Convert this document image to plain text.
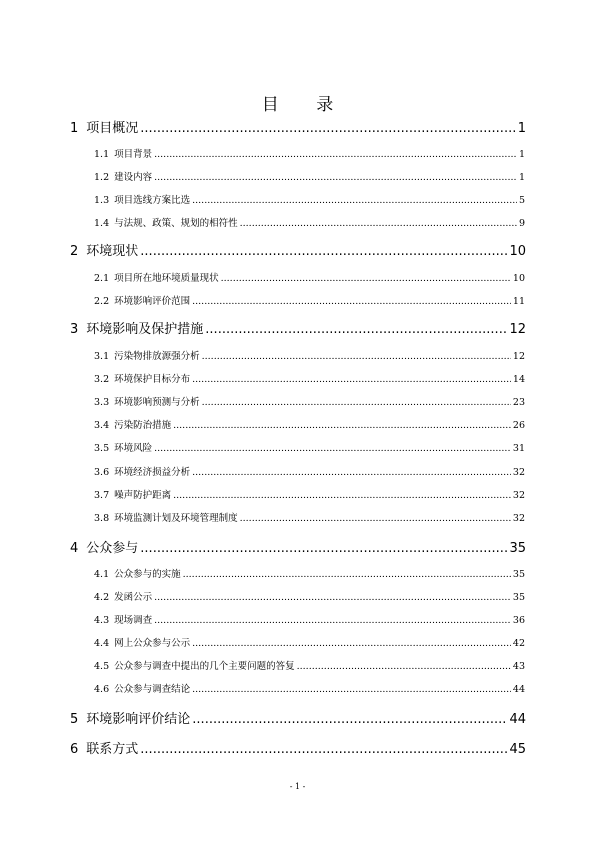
目 录
1 项目概况 .....	1
1.1 项目背景 .....	1
1.2 建设内容 .....	1
1.3 项目选线方案比选 .....	5
1.4 与法规、政策、规划的相符性 .....	9
2 环境现状 .....	10
2.1 项目所在地环境质量现状 .....	10
2.2 环境影响评价范围 .....	11
3 环境影响及保护措施 .....	12
3.1 污染物排放源强分析 .....	12
3.2 环境保护目标分布 .....	14
3.3 环境影响预测与分析 .....	23
3.4 污染防治措施 .....	26
3.5 环境风险 .....	31
3.6 环境经济损益分析 .....	32
3.7 噪声防护距离 .....	32
3.8 环境监测计划及环境管理制度 .....	32
4 公众参与 .....	35
4.1 公众参与的实施 .....	35
4.2 发函公示 .....	35
4.3 现场调查 .....	36
4.4 网上公众参与公示 .....	42
4.5 公众参与调查中提出的几个主要问题的答复 .....	43
4.6 公众参与调查结论 .....	44
5 环境影响评价结论 .....	44
6 联系方式 .....	45
- 1 -
